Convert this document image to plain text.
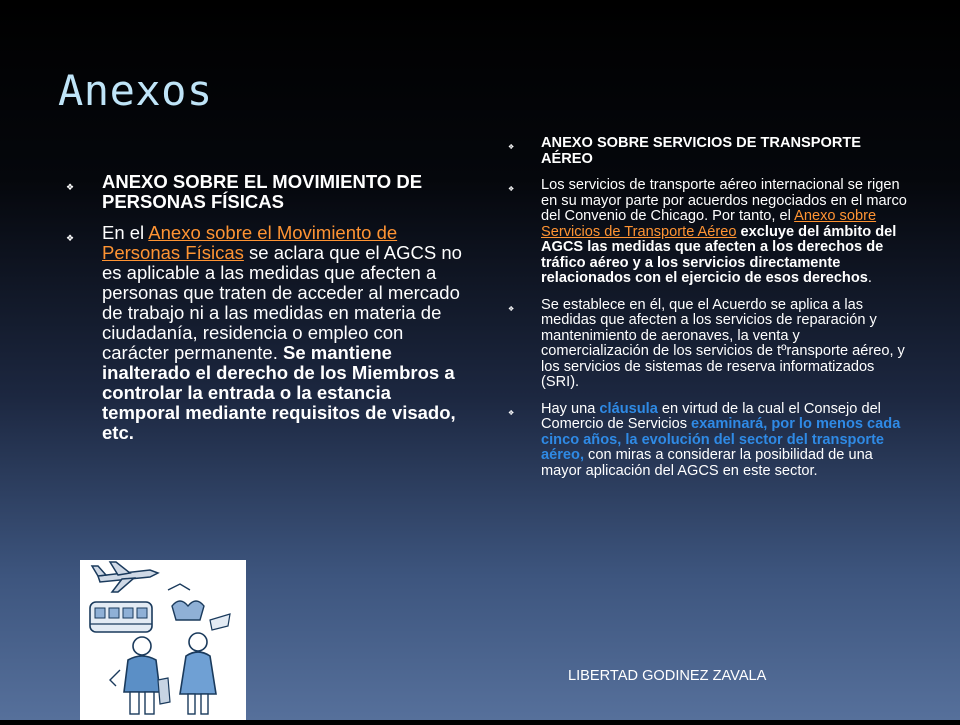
Anexos
❖ ANEXO SOBRE EL MOVIMIENTO DE PERSONAS FÍSICAS
❖ En el Anexo sobre el Movimiento de Personas Físicas se aclara que el AGCS no es aplicable a las medidas que afecten a personas que traten de acceder al mercado de trabajo ni a las medidas en materia de ciudadanía, residencia o empleo con carácter permanente. Se mantiene inalterado el derecho de los Miembros a controlar la entrada o la estancia temporal mediante requisitos de visado, etc.
❖ ANEXO SOBRE SERVICIOS DE TRANSPORTE AÉREO
❖ Los servicios de transporte aéreo internacional se rigen en su mayor parte por acuerdos negociados en el marco del Convenio de Chicago. Por tanto, el Anexo sobre Servicios de Transporte Aéreo excluye del ámbito del AGCS las medidas que afecten a los derechos de tráfico aéreo y a los servicios directamente relacionados con el ejercicio de esos derechos.
❖ Se establece en él, que el Acuerdo se aplica a las medidas que afecten a los servicios de reparación y mantenimiento de aeronaves, la venta y comercialización de los servicios de tºransporte aéreo, y los servicios de sistemas de reserva informatizados (SRI).
❖ Hay una cláusula en virtud de la cual el Consejo del Comercio de Servicios examinará, por lo menos cada cinco años, la evolución del sector del transporte aéreo, con miras a considerar la posibilidad de una mayor aplicación del AGCS en este sector.
LIBERTAD GODINEZ ZAVALA
